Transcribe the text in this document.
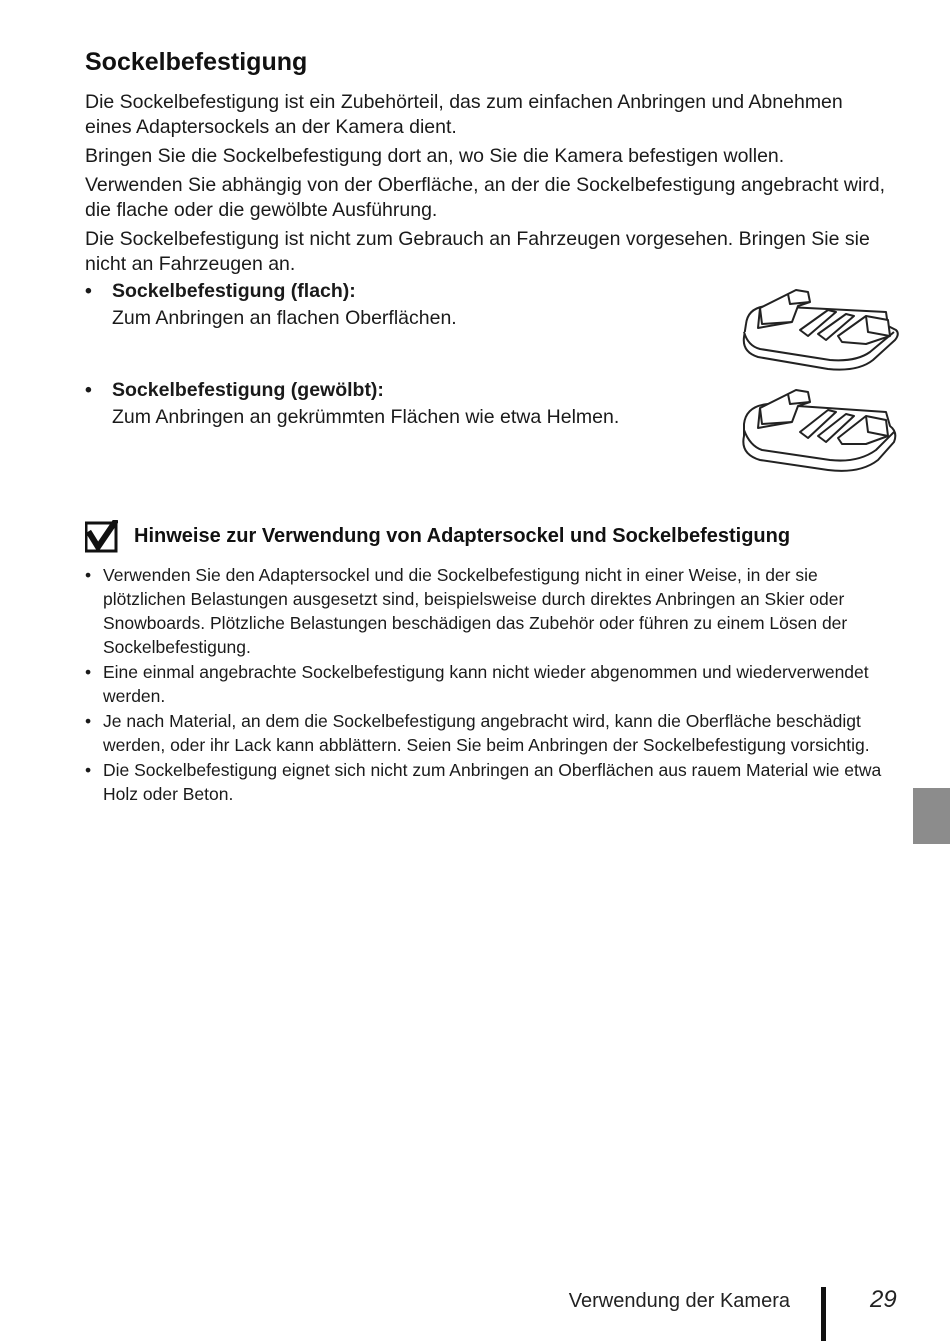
Sockelbefestigung

Die Sockelbefestigung ist ein Zubehörteil, das zum einfachen Anbringen und Abnehmen eines Adaptersockels an der Kamera dient.

Bringen Sie die Sockelbefestigung dort an, wo Sie die Kamera befestigen wollen.

Verwenden Sie abhängig von der Oberfläche, an der die Sockelbefestigung angebracht wird, die flache oder die gewölbte Ausführung.

Die Sockelbefestigung ist nicht zum Gebrauch an Fahrzeugen vorgesehen. Bringen Sie sie nicht an Fahrzeugen an.

•	Sockelbefestigung (flach):
Zum Anbringen an flachen Oberflächen.
•	Sockelbefestigung (gewölbt):
Zum Anbringen an gekrümmten Flächen wie etwa Helmen.
Hinweise zur Verwendung von Adaptersockel und Sockelbefestigung
• Verwenden Sie den Adaptersockel und die Sockelbefestigung nicht in einer Weise, in der sie plötzlichen Belastungen ausgesetzt sind, beispielsweise durch direktes Anbringen an Skier oder Snowboards. Plötzliche Belastungen beschädigen das Zubehör oder führen zu einem Lösen der Sockelbefestigung.
• Eine einmal angebrachte Sockelbefestigung kann nicht wieder abgenommen und wiederverwendet werden.
• Je nach Material, an dem die Sockelbefestigung angebracht wird, kann die Oberfläche beschädigt werden, oder ihr Lack kann abblättern. Seien Sie beim Anbringen der Sockelbefestigung vorsichtig.
• Die Sockelbefestigung eignet sich nicht zum Anbringen an Oberflächen aus rauem Material wie etwa Holz oder Beton.
Verwendung der Kamera	29
